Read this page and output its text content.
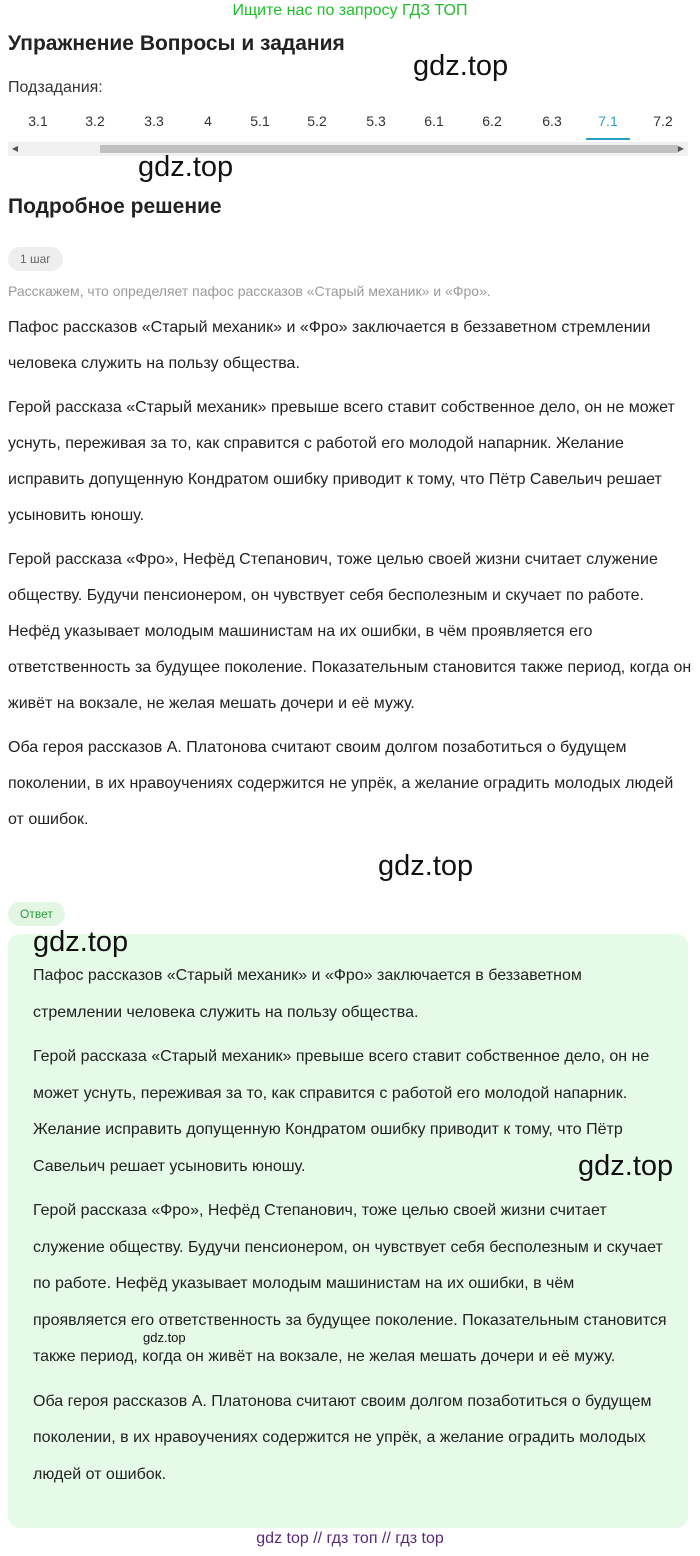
Ищите нас по запросу ГДЗ ТОП
Упражнение Вопросы и задания
Подзадания:
3.1	3.2	3.3	4	5.1	5.2	5.3	6.1	6.2	6.3	7.1	7.2
◀	▶
Подробное решение
1 шаг
Расскажем, что определяет пафос рассказов «Старый механик» и «Фро».

Пафос рассказов «Старый механик» и «Фро» заключается в беззаветном стремлении человека служить на пользу общества.

Герой рассказа «Старый механик» превыше всего ставит собственное дело, он не может уснуть, переживая за то, как справится с работой его молодой напарник. Желание исправить допущенную Кондратом ошибку приводит к тому, что Пётр Савельич решает усыновить юношу.

Герой рассказа «Фро», Нефёд Степанович, тоже целью своей жизни считает служение обществу. Будучи пенсионером, он чувствует себя бесполезным и скучает по работе. Нефёд указывает молодым машинистам на их ошибки, в чём проявляется его ответственность за будущее поколение. Показательным становится также период, когда он живёт на вокзале, не желая мешать дочери и её мужу.

Оба героя рассказов А. Платонова считают своим долгом позаботиться о будущем поколении, в их нравоучениях содержится не упрёк, а желание оградить молодых людей от ошибок.

Ответ

Пафос рассказов «Старый механик» и «Фро» заключается в беззаветном стремлении человека служить на пользу общества.

Герой рассказа «Старый механик» превыше всего ставит собственное дело, он не может уснуть, переживая за то, как справится с работой его молодой напарник. Желание исправить допущенную Кондратом ошибку приводит к тому, что Пётр Савельич решает усыновить юношу.

Герой рассказа «Фро», Нефёд Степанович, тоже целью своей жизни считает служение обществу. Будучи пенсионером, он чувствует себя бесполезным и скучает по работе. Нефёд указывает молодым машинистам на их ошибки, в чём проявляется его ответственность за будущее поколение. Показательным становится также период, когда он живёт на вокзале, не желая мешать дочери и её мужу.

Оба героя рассказов А. Платонова считают своим долгом позаботиться о будущем поколении, в их нравоучениях содержится не упрёк, а желание оградить молодых людей от ошибок.

gdz.top
gdz.top
gdz.top
gdz.top
gdz.top
gdz.top
gdz top // гдз топ // гдз top
